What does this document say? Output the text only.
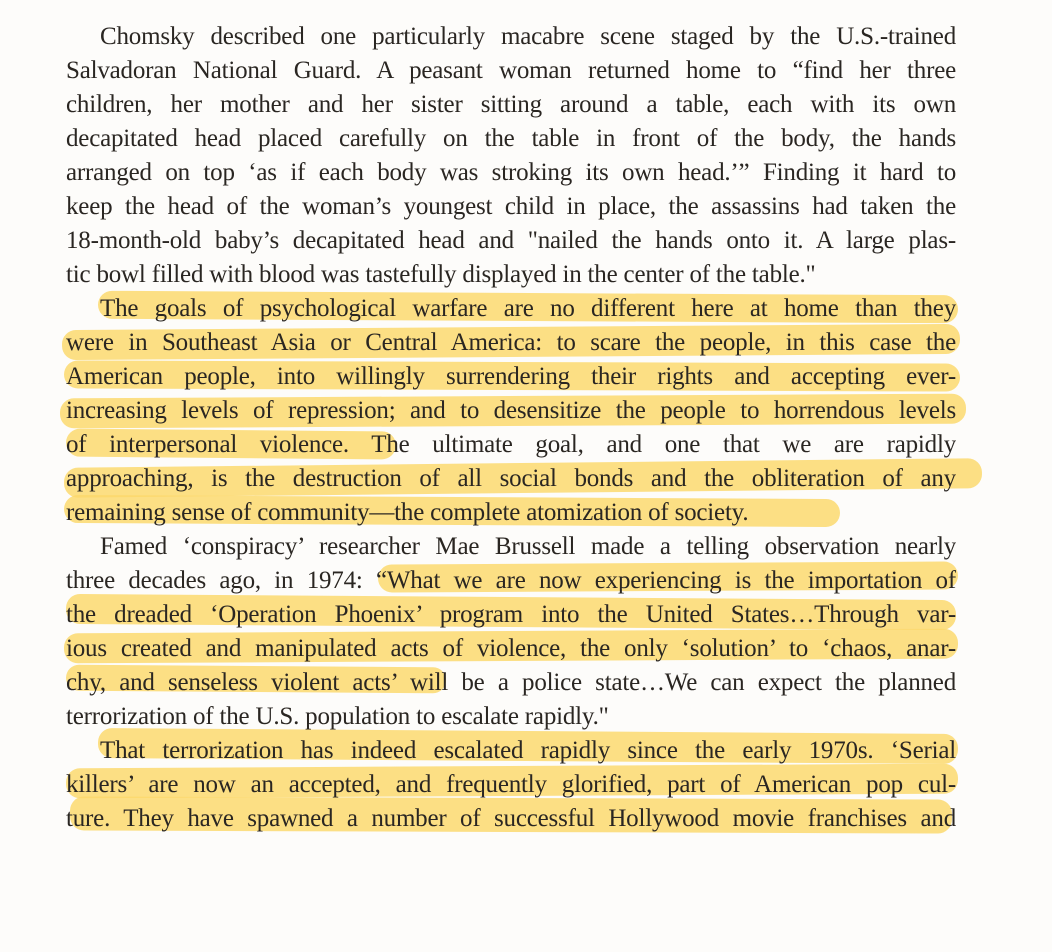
Chomsky described one particularly macabre scene staged by the U.S.-trained
Salvadoran National Guard. A peasant woman returned home to “find her three
children, her mother and her sister sitting around a table, each with its own
decapitated head placed carefully on the table in front of the body, the hands
arranged on top ‘as if each body was stroking its own head.’” Finding it hard to
keep the head of the woman’s youngest child in place, the assassins had taken the
18-month-old baby’s decapitated head and "nailed the hands onto it. A large plas-
tic bowl filled with blood was tastefully displayed in the center of the table."
The goals of psychological warfare are no different here at home than they
were in Southeast Asia or Central America: to scare the people, in this case the
American people, into willingly surrendering their rights and accepting ever-
increasing levels of repression; and to desensitize the people to horrendous levels
of interpersonal violence. The ultimate goal, and one that we are rapidly
approaching, is the destruction of all social bonds and the obliteration of any
remaining sense of community—the complete atomization of society.
Famed ‘conspiracy’ researcher Mae Brussell made a telling observation nearly
three decades ago, in 1974: “What we are now experiencing is the importation of
the dreaded ‘Operation Phoenix’ program into the United States…Through var-
ious created and manipulated acts of violence, the only ‘solution’ to ‘chaos, anar-
chy, and senseless violent acts’ will be a police state…We can expect the planned
terrorization of the U.S. population to escalate rapidly."
That terrorization has indeed escalated rapidly since the early 1970s. ‘Serial
killers’ are now an accepted, and frequently glorified, part of American pop cul-
ture. They have spawned a number of successful Hollywood movie franchises and
